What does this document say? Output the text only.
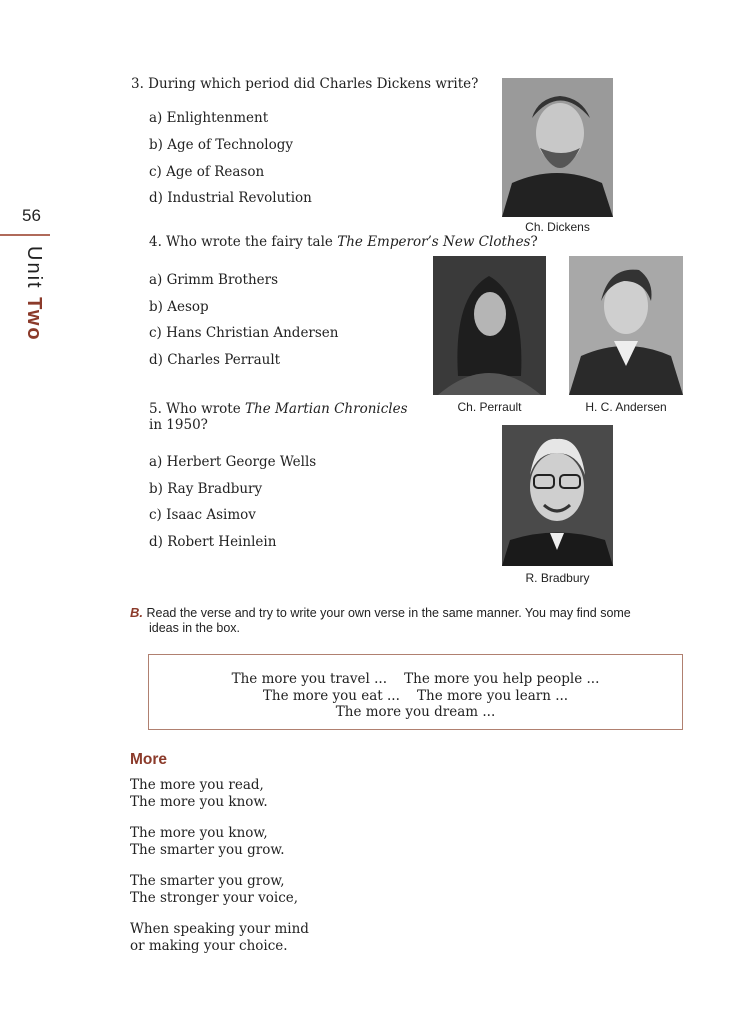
56
Unit Two
3. During which period did Charles Dickens write?
a) Enlightenment
b) Age of Technology
c) Age of Reason
d) Industrial Revolution
Ch. Dickens
4. Who wrote the fairy tale The Emperor’s New Clothes?
a) Grimm Brothers
b) Aesop
c) Hans Christian Andersen
d) Charles Perrault
Ch. Perrault	H. C. Andersen
5. Who wrote The Martian Chronicles
in 1950?
a) Herbert George Wells
b) Ray Bradbury
c) Isaac Asimov
d) Robert Heinlein
R. Bradbury
B. Read the verse and try to write your own verse in the same manner. You may find some
ideas in the box.
The more you travel ...    The more you help people ...
The more you eat ...    The more you learn ...
The more you dream ...
More
The more you read,
The more you know.
The more you know,
The smarter you grow.
The smarter you grow,
The stronger your voice,
When speaking your mind
or making your choice.
